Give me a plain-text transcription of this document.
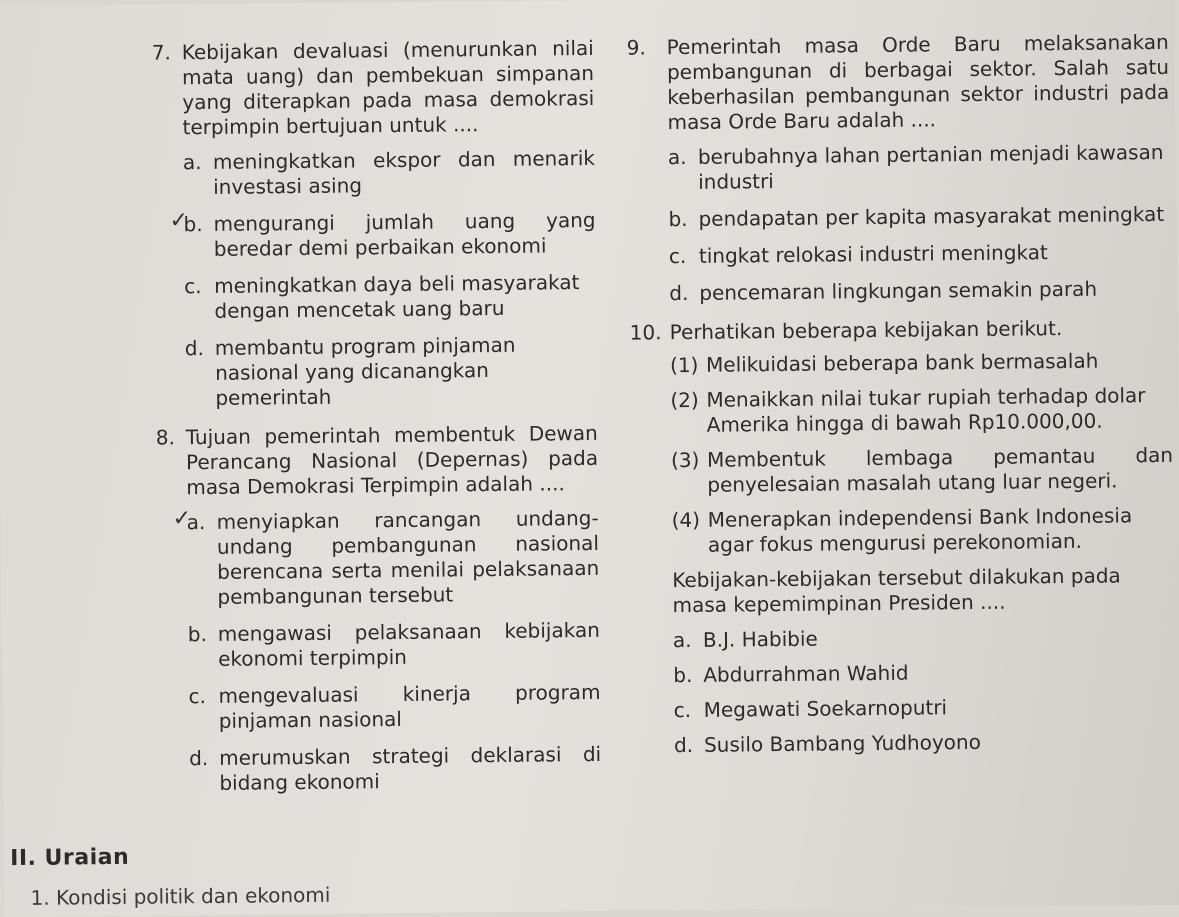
7. Kebijakan devaluasi (menurunkan nilai mata uang) dan pembekuan simpanan yang diterapkan pada masa demokrasi terpimpin bertujuan untuk ....
a. meningkatkan ekspor dan menarik investasi asing
✓
b. mengurangi jumlah uang yang beredar demi perbaikan ekonomi
c. meningkatkan daya beli masyarakat dengan mencetak uang baru
d. membantu program pinjaman nasional yang dicanangkan pemerintah
8. Tujuan pemerintah membentuk Dewan Perancang Nasional (Depernas) pada masa Demokrasi Terpimpin adalah ....
✓
a. menyiapkan rancangan undang-undang pembangunan nasional berencana serta menilai pelaksanaan pembangunan tersebut
b. mengawasi pelaksanaan kebijakan ekonomi terpimpin
c. mengevaluasi kinerja program pinjaman nasional
d. merumuskan strategi deklarasi di bidang ekonomi
9.	Pemerintah masa Orde Baru melaksanakan pembangunan di berbagai sektor. Salah satu keberhasilan pembangunan sektor industri pada masa Orde Baru adalah ....
a. berubahnya lahan pertanian menjadi kawasan industri
b. pendapatan per kapita masyarakat meningkat
c. tingkat relokasi industri meningkat
d. pencemaran lingkungan semakin parah
10. Perhatikan beberapa kebijakan berikut.
(1) Melikuidasi beberapa bank bermasalah
(2) Menaikkan nilai tukar rupiah terhadap dolar Amerika hingga di bawah Rp10.000,00.
(3) Membentuk lembaga pemantau dan penyelesaian masalah utang luar negeri.
(4) Menerapkan independensi Bank Indonesia agar fokus mengurusi perekonomian.
Kebijakan-kebijakan tersebut dilakukan pada masa kepemimpinan Presiden ....
a. B.J. Habibie
b. Abdurrahman Wahid
c. Megawati Soekarnoputri
d. Susilo Bambang Yudhoyono
II. Uraian
1. Kondisi politik dan ekonomi
